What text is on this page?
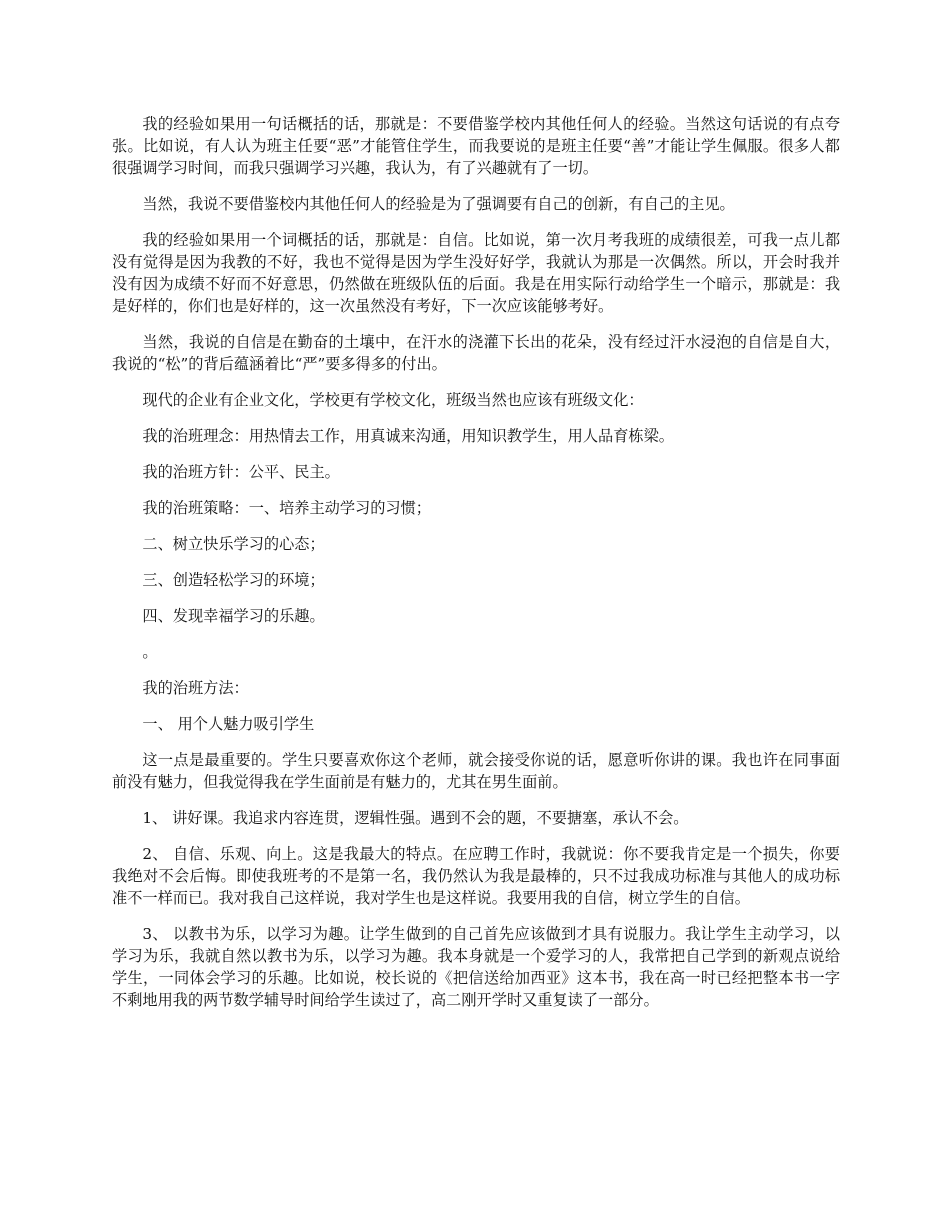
我的经验如果用一句话概括的话，那就是：不要借鉴学校内其他任何人的经验。当然这句话说的有点夸张。比如说，有人认为班主任要“恶”才能管住学生，而我要说的是班主任要“善”才能让学生佩服。很多人都很强调学习时间，而我只强调学习兴趣，我认为，有了兴趣就有了一切。

当然，我说不要借鉴校内其他任何人的经验是为了强调要有自己的创新，有自己的主见。

我的经验如果用一个词概括的话，那就是：自信。比如说，第一次月考我班的成绩很差，可我一点儿都没有觉得是因为我教的不好，我也不觉得是因为学生没好好学，我就认为那是一次偶然。所以，开会时我并没有因为成绩不好而不好意思，仍然做在班级队伍的后面。我是在用实际行动给学生一个暗示，那就是：我是好样的，你们也是好样的，这一次虽然没有考好，下一次应该能够考好。

当然，我说的自信是在勤奋的土壤中，在汗水的浇灌下长出的花朵，没有经过汗水浸泡的自信是自大，我说的“松”的背后蕴涵着比“严”要多得多的付出。

现代的企业有企业文化，学校更有学校文化，班级当然也应该有班级文化：

我的治班理念：用热情去工作，用真诚来沟通，用知识教学生，用人品育栋梁。

我的治班方针：公平、民主。

我的治班策略：一、培养主动学习的习惯；

二、树立快乐学习的心态；

三、创造轻松学习的环境；

四、发现幸福学习的乐趣。

。

我的治班方法：

一、 用个人魅力吸引学生

这一点是最重要的。学生只要喜欢你这个老师，就会接受你说的话，愿意听你讲的课。我也许在同事面前没有魅力，但我觉得我在学生面前是有魅力的，尤其在男生面前。

1、 讲好课。我追求内容连贯，逻辑性强。遇到不会的题，不要搪塞，承认不会。

2、 自信、乐观、向上。这是我最大的特点。在应聘工作时，我就说：你不要我肯定是一个损失，你要我绝对不会后悔。即使我班考的不是第一名，我仍然认为我是最棒的，只不过我成功标准与其他人的成功标准不一样而已。我对我自己这样说，我对学生也是这样说。我要用我的自信，树立学生的自信。

3、 以教书为乐，以学习为趣。让学生做到的自己首先应该做到才具有说服力。我让学生主动学习，以学习为乐，我就自然以教书为乐，以学习为趣。我本身就是一个爱学习的人，我常把自己学到的新观点说给学生，一同体会学习的乐趣。比如说，校长说的《把信送给加西亚》这本书，我在高一时已经把整本书一字不剩地用我的两节数学辅导时间给学生读过了，高二刚开学时又重复读了一部分。
